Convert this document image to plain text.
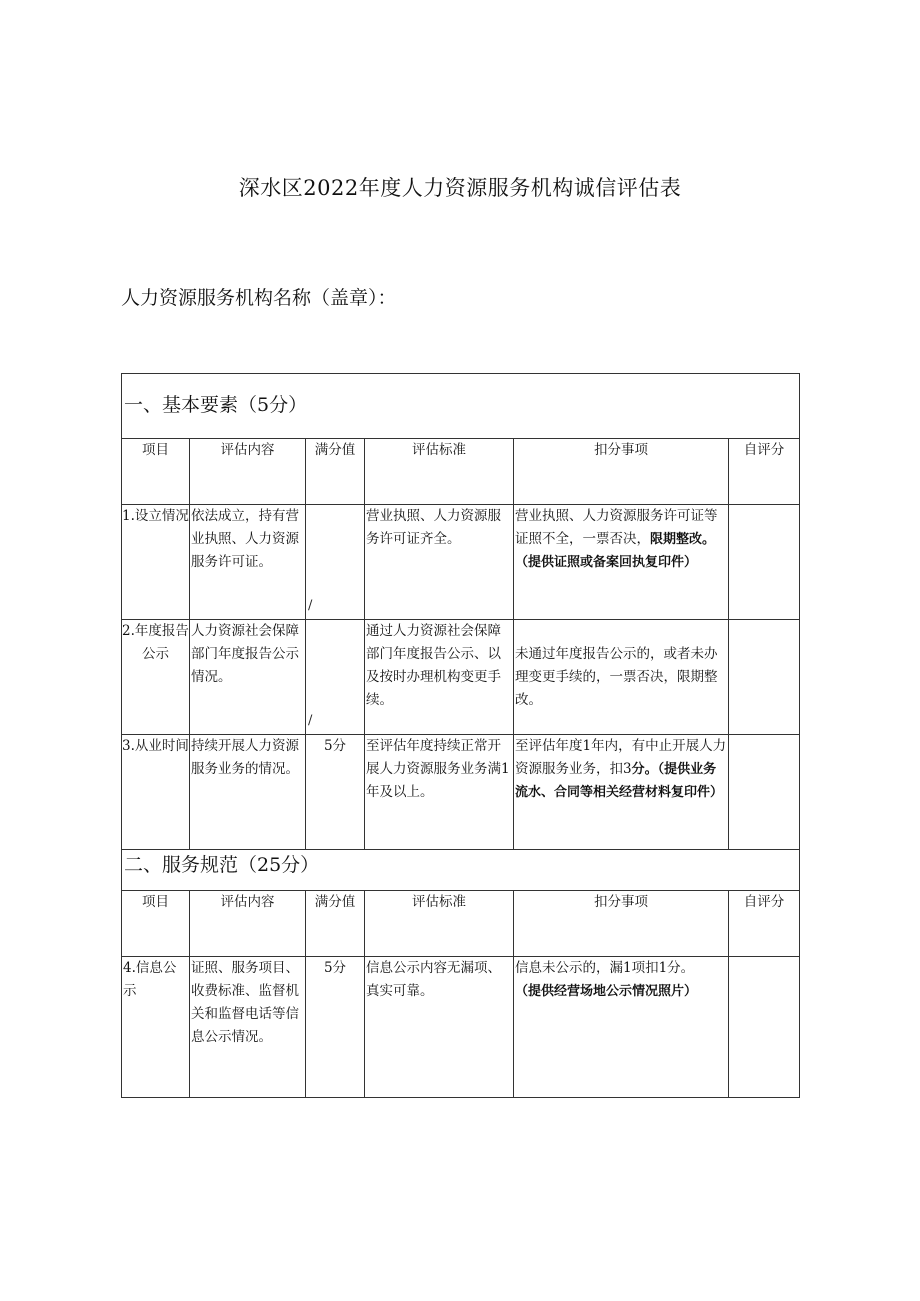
深水区2022年度人力资源服务机构诚信评估表
人力资源服务机构名称（盖章）：
一、基本要素（5分）					
项目	评估内容	满分值	评估标准	扣分事项	自评分
1.设立情况	依法成立，持有营业执照、人力资源服务许可证。	/	营业执照、人力资源服务许可证齐全。	营业执照、人力资源服务许可证等证照不全，一票否决，限期整改。（提供证照或备案回执复印件）	
2.年度报告公示	人力资源社会保障部门年度报告公示情况。	/	通过人力资源社会保障部门年度报告公示、以及按时办理机构变更手续。	未通过年度报告公示的，或者未办理变更手续的，一票否决，限期整改。	
3.从业时间	持续开展人力资源服务业务的情况。	5分	至评估年度持续正常开展人力资源服务业务满1年及以上。	至评估年度1年内，有中止开展人力资源服务业务，扣3分。（提供业务流水、合同等相关经营材料复印件）	
二、服务规范（25分）					
项目	评估内容	满分值	评估标准	扣分事项	自评分
4.信息公示	证照、服务项目、收费标准、监督机关和监督电话等信息公示情况。	5分	信息公示内容无漏项、真实可靠。	信息未公示的，漏1项扣1分。
（提供经营场地公示情况照片）	
